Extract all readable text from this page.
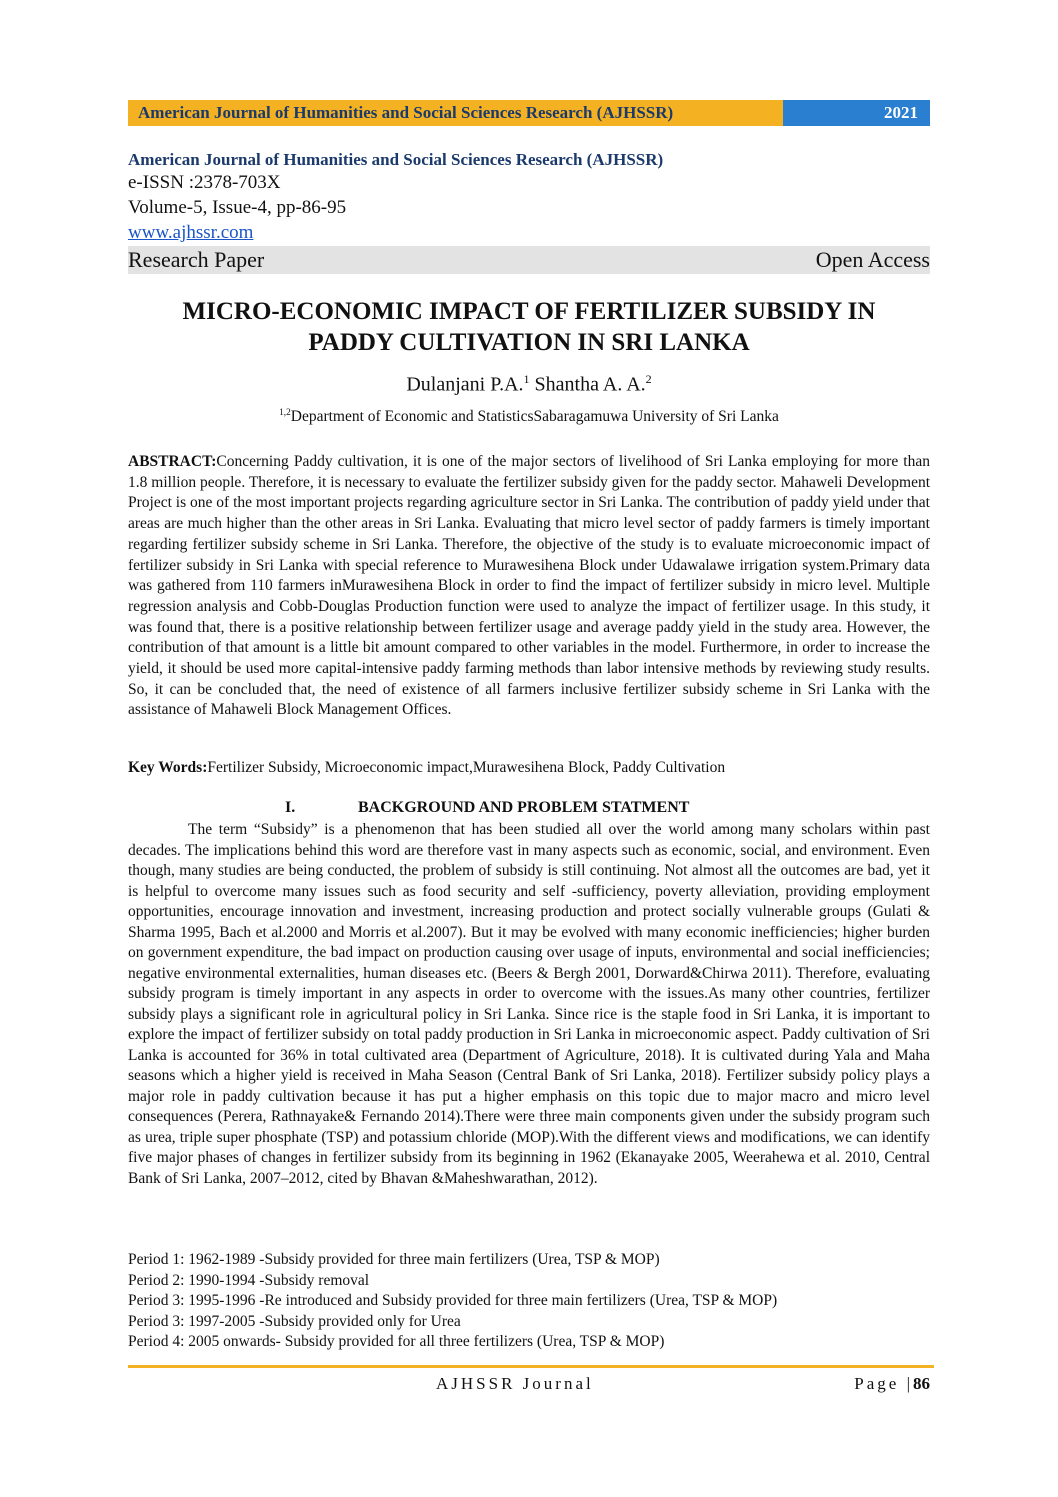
American Journal of Humanities and Social Sciences Research (AJHSSR)	2021
American Journal of Humanities and Social Sciences Research (AJHSSR)
e-ISSN :2378-703X
Volume-5, Issue-4, pp-86-95
www.ajhssr.com
Research Paper	Open Access
MICRO-ECONOMIC IMPACT OF FERTILIZER SUBSIDY IN
PADDY CULTIVATION IN SRI LANKA
Dulanjani P.A.$^1$ Shantha A. A.$^2$
$^{1,2}$Department of Economic and StatisticsSabaragamuwa University of Sri Lanka
ABSTRACT:Concerning Paddy cultivation, it is one of the major sectors of livelihood of Sri Lanka employing for more than 1.8 million people. Therefore, it is necessary to evaluate the fertilizer subsidy given for the paddy sector. Mahaweli Development Project is one of the most important projects regarding agriculture sector in Sri Lanka. The contribution of paddy yield under that areas are much higher than the other areas in Sri Lanka. Evaluating that micro level sector of paddy farmers is timely important regarding fertilizer subsidy scheme in Sri Lanka. Therefore, the objective of the study is to evaluate microeconomic impact of fertilizer subsidy in Sri Lanka with special reference to Murawesihena Block under Udawalawe irrigation system.Primary data was gathered from 110 farmers inMurawesihena Block in order to find the impact of fertilizer subsidy in micro level. Multiple regression analysis and Cobb-Douglas Production function were used to analyze the impact of fertilizer usage. In this study, it was found that, there is a positive relationship between fertilizer usage and average paddy yield in the study area. However, the contribution of that amount is a little bit amount compared to other variables in the model. Furthermore, in order to increase the yield, it should be used more capital-intensive paddy farming methods than labor intensive methods by reviewing study results. So, it can be concluded that, the need of existence of all farmers inclusive fertilizer subsidy scheme in Sri Lanka with the assistance of Mahaweli Block Management Offices.
Key Words:Fertilizer Subsidy, Microeconomic impact,Murawesihena Block, Paddy Cultivation
I.	BACKGROUND AND PROBLEM STATMENT
The term “Subsidy” is a phenomenon that has been studied all over the world among many scholars within past decades. The implications behind this word are therefore vast in many aspects such as economic, social, and environment. Even though, many studies are being conducted, the problem of subsidy is still continuing. Not almost all the outcomes are bad, yet it is helpful to overcome many issues such as food security and self -sufficiency, poverty alleviation, providing employment opportunities, encourage innovation and investment, increasing production and protect socially vulnerable groups (Gulati & Sharma 1995, Bach et al.2000 and Morris et al.2007). But it may be evolved with many economic inefficiencies; higher burden on government expenditure, the bad impact on production causing over usage of inputs, environmental and social inefficiencies; negative environmental externalities, human diseases etc. (Beers & Bergh 2001, Dorward&Chirwa 2011). Therefore, evaluating subsidy program is timely important in any aspects in order to overcome with the issues.As many other countries, fertilizer subsidy plays a significant role in agricultural policy in Sri Lanka. Since rice is the staple food in Sri Lanka, it is important to explore the impact of fertilizer subsidy on total paddy production in Sri Lanka in microeconomic aspect. Paddy cultivation of Sri Lanka is accounted for 36% in total cultivated area (Department of Agriculture, 2018). It is cultivated during Yala and Maha seasons which a higher yield is received in Maha Season (Central Bank of Sri Lanka, 2018). Fertilizer subsidy policy plays a major role in paddy cultivation because it has put a higher emphasis on this topic due to major macro and micro level consequences (Perera, Rathnayake& Fernando 2014).There were three main components given under the subsidy program such as urea, triple super phosphate (TSP) and potassium chloride (MOP).With the different views and modifications, we can identify five major phases of changes in fertilizer subsidy from its beginning in 1962 (Ekanayake 2005, Weerahewa et al. 2010, Central Bank of Sri Lanka, 2007–2012, cited by Bhavan &Maheshwarathan, 2012).
Period 1: 1962-1989 -Subsidy provided for three main fertilizers (Urea, TSP & MOP)
Period 2: 1990-1994 -Subsidy removal
Period 3: 1995-1996 -Re introduced and Subsidy provided for three main fertilizers (Urea, TSP & MOP)
Period 3: 1997-2005 -Subsidy provided only for Urea
Period 4: 2005 onwards- Subsidy provided for all three fertilizers (Urea, TSP & MOP)
AJHSSR Journal	Page |86
